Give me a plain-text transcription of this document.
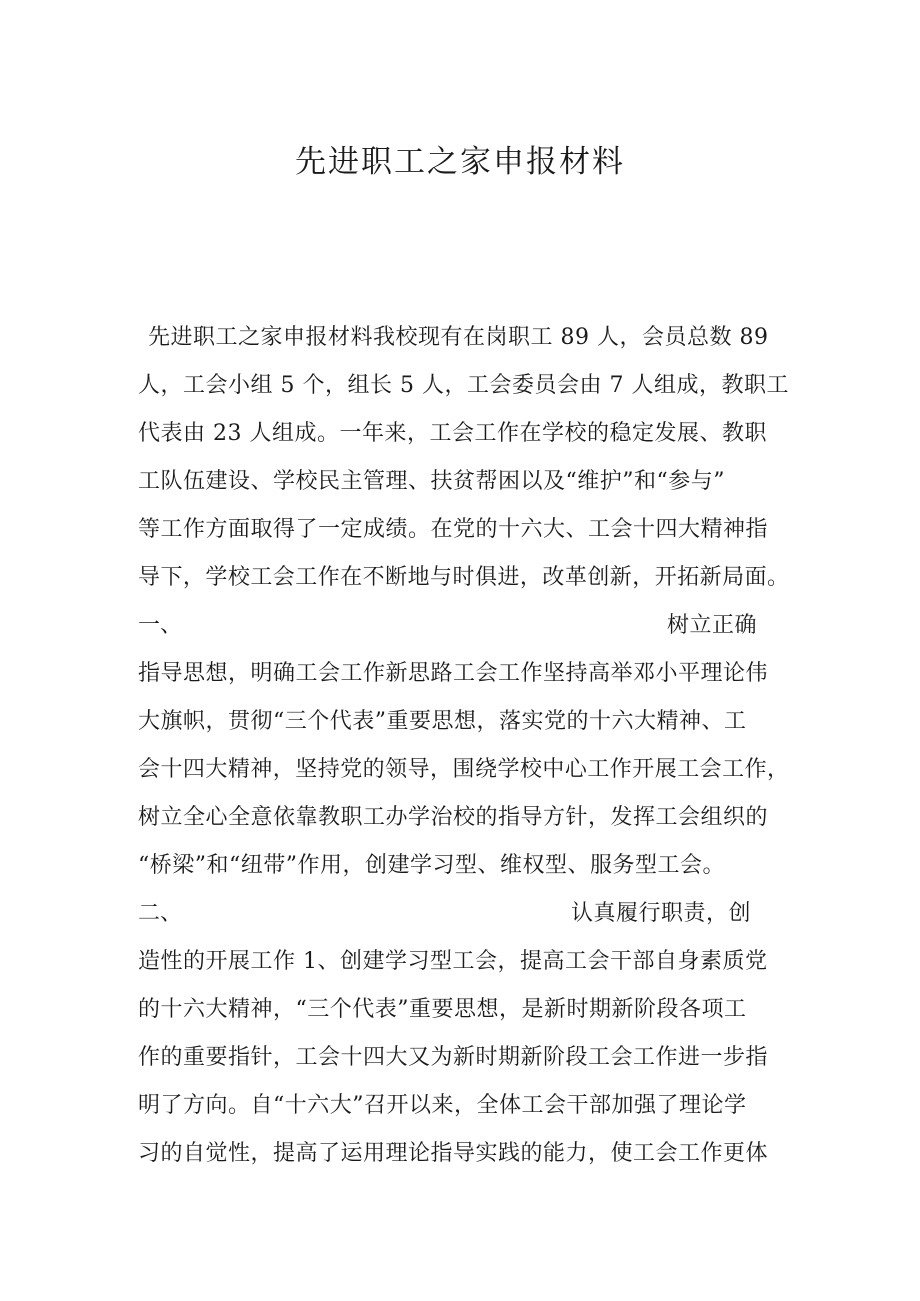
先进职工之家申报材料
先进职工之家申报材料我校现有在岗职工 89 人，会员总数 89
人，工会小组 5 个，组长 5 人，工会委员会由 7 人组成，教职工
代表由 23 人组成。一年来，工会工作在学校的稳定发展、教职
工队伍建设、学校民主管理、扶贫帮困以及“维护”和“参与”
等工作方面取得了一定成绩。在党的十六大、工会十四大精神指
导下，学校工会工作在不断地与时俱进，改革创新，开拓新局面。
一、	树立正确
指导思想，明确工会工作新思路工会工作坚持高举邓小平理论伟
大旗帜，贯彻“三个代表”重要思想，落实党的十六大精神、工
会十四大精神，坚持党的领导，围绕学校中心工作开展工会工作，
树立全心全意依靠教职工办学治校的指导方针，发挥工会组织的
“桥梁”和“纽带”作用，创建学习型、维权型、服务型工会。
二、	认真履行职责，创
造性的开展工作 1、创建学习型工会，提高工会干部自身素质党
的十六大精神，“三个代表”重要思想，是新时期新阶段各项工
作的重要指针，工会十四大又为新时期新阶段工会工作进一步指
明了方向。自“十六大”召开以来，全体工会干部加强了理论学
习的自觉性，提高了运用理论指导实践的能力，使工会工作更体
